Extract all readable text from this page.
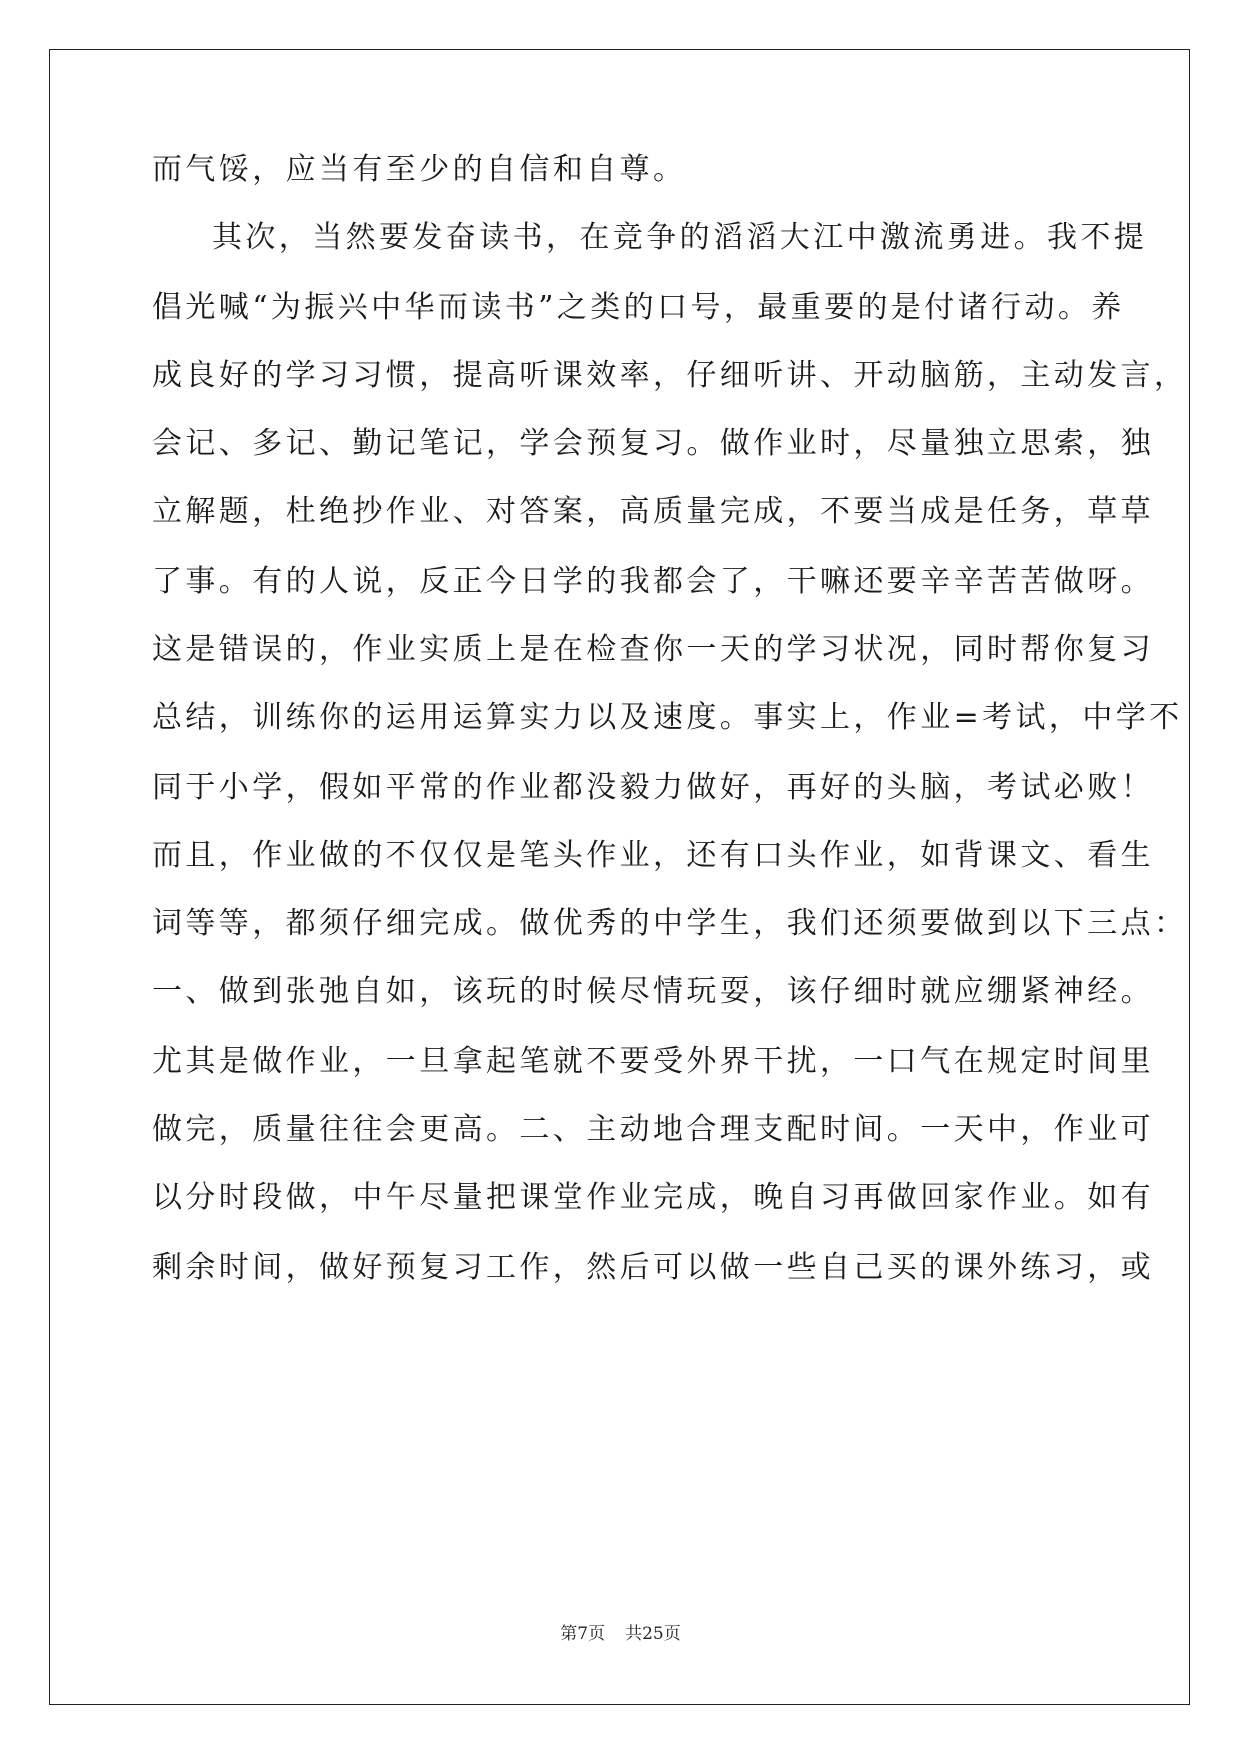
而气馁，应当有至少的自信和自尊。
其次，当然要发奋读书，在竞争的滔滔大江中激流勇进。我不提
倡光喊“为振兴中华而读书”之类的口号，最重要的是付诸行动。养
成良好的学习习惯，提高听课效率，仔细听讲、开动脑筋，主动发言，
会记、多记、勤记笔记，学会预复习。做作业时，尽量独立思索，独
立解题，杜绝抄作业、对答案，高质量完成，不要当成是任务，草草
了事。有的人说，反正今日学的我都会了，干嘛还要辛辛苦苦做呀。
这是错误的，作业实质上是在检查你一天的学习状况，同时帮你复习
总结，训练你的运用运算实力以及速度。事实上，作业=考试，中学不
同于小学，假如平常的作业都没毅力做好，再好的头脑，考试必败！
而且，作业做的不仅仅是笔头作业，还有口头作业，如背课文、看生
词等等，都须仔细完成。做优秀的中学生，我们还须要做到以下三点：
一、做到张弛自如，该玩的时候尽情玩耍，该仔细时就应绷紧神经。
尤其是做作业，一旦拿起笔就不要受外界干扰，一口气在规定时间里
做完，质量往往会更高。二、主动地合理支配时间。一天中，作业可
以分时段做，中午尽量把课堂作业完成，晚自习再做回家作业。如有
剩余时间，做好预复习工作，然后可以做一些自己买的课外练习，或
第7页 共25页
